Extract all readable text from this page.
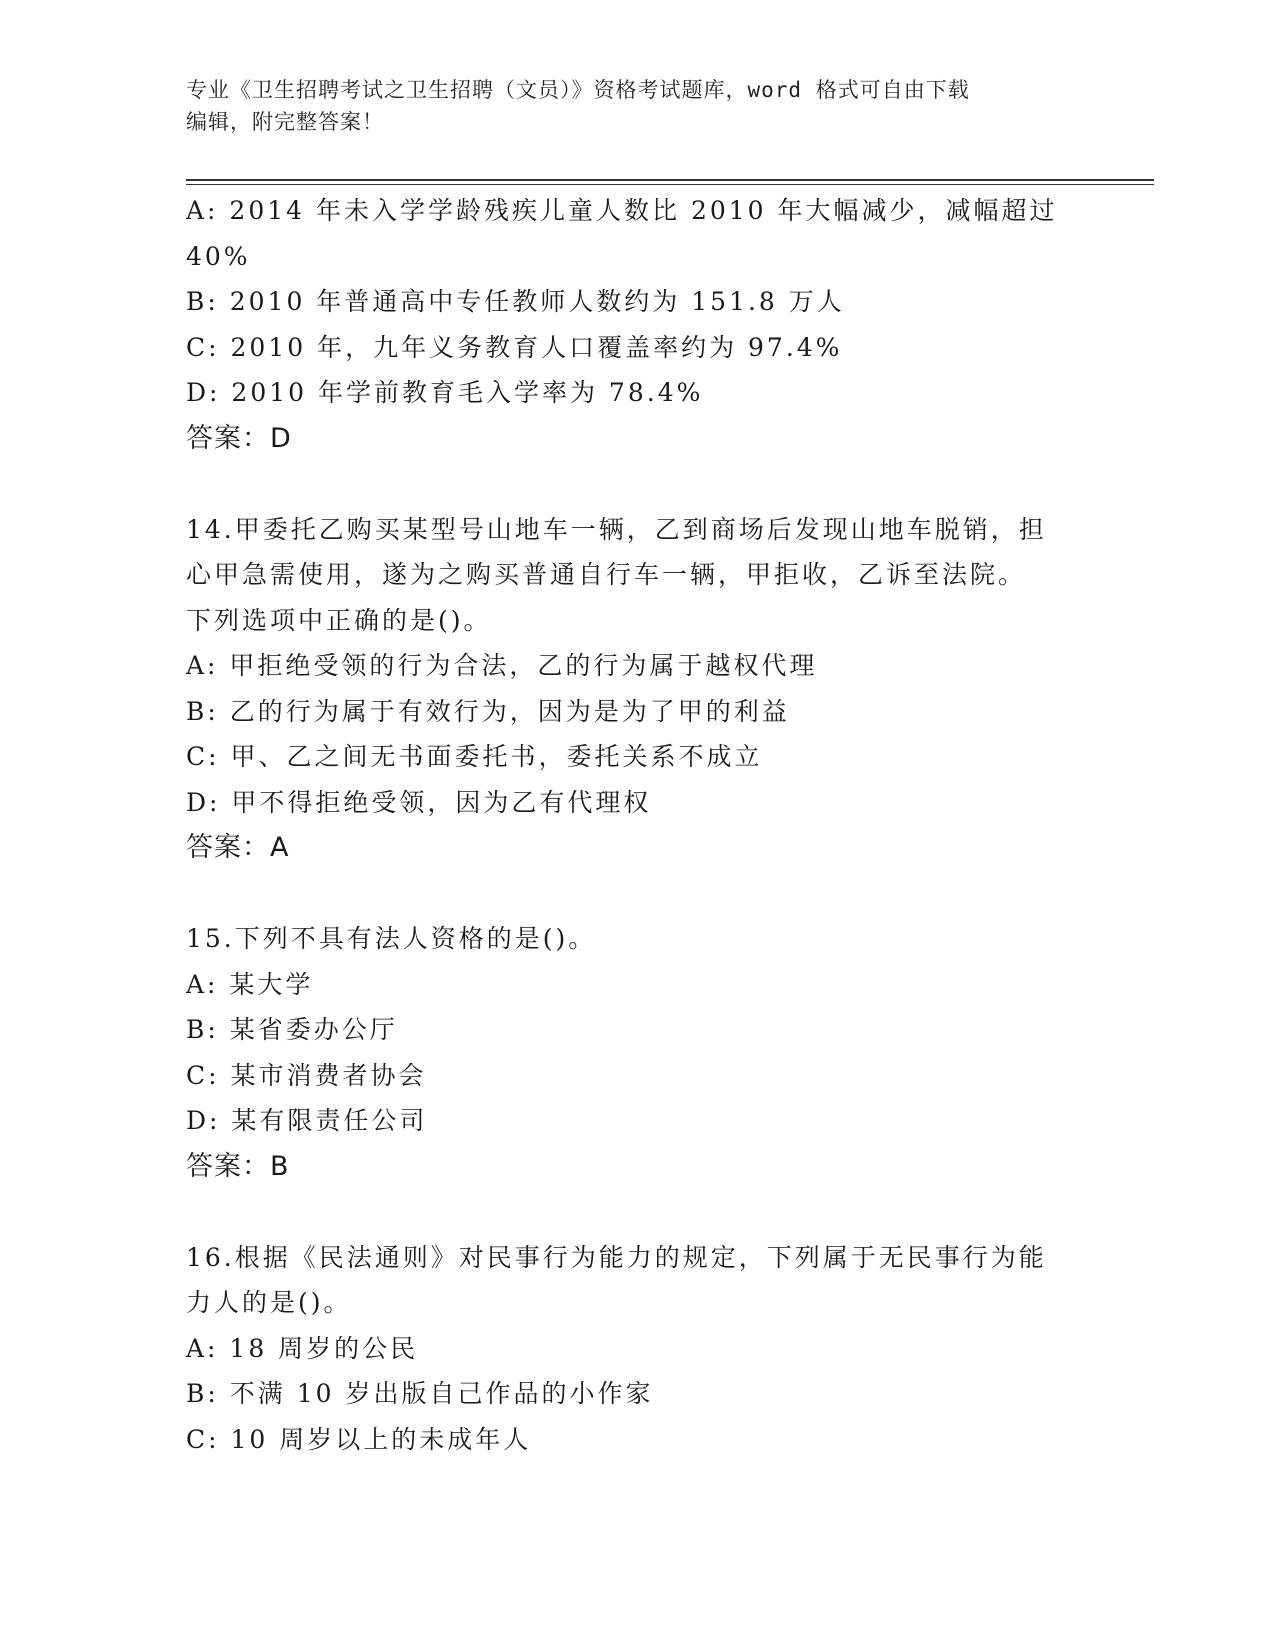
专业《卫生招聘考试之卫生招聘（文员）》资格考试题库，word 格式可自由下载
编辑，附完整答案！
A: 2014 年未入学学龄残疾儿童人数比 2010 年大幅减少，减幅超过
40%
B: 2010 年普通高中专任教师人数约为 151.8 万人
C: 2010 年，九年义务教育人口覆盖率约为 97.4%
D: 2010 年学前教育毛入学率为 78.4%
答案：D
14.甲委托乙购买某型号山地车一辆，乙到商场后发现山地车脱销，担
心甲急需使用，遂为之购买普通自行车一辆，甲拒收，乙诉至法院。
下列选项中正确的是()。
A: 甲拒绝受领的行为合法，乙的行为属于越权代理
B: 乙的行为属于有效行为，因为是为了甲的利益
C: 甲、乙之间无书面委托书，委托关系不成立
D: 甲不得拒绝受领，因为乙有代理权
答案：A
15.下列不具有法人资格的是()。
A: 某大学
B: 某省委办公厅
C: 某市消费者协会
D: 某有限责任公司
答案：B
16.根据《民法通则》对民事行为能力的规定，下列属于无民事行为能
力人的是()。
A: 18 周岁的公民
B: 不满 10 岁出版自己作品的小作家
C: 10 周岁以上的未成年人
